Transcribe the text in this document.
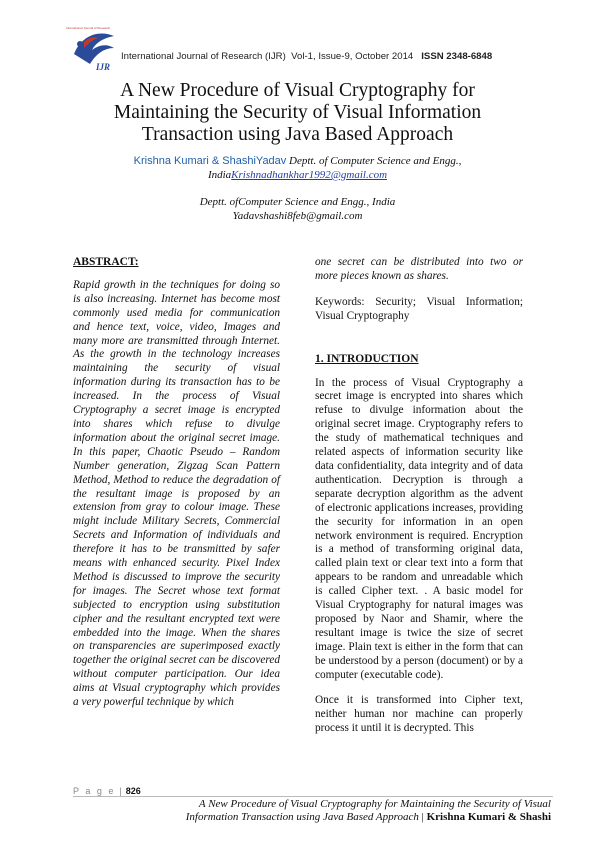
International Journal of Research
IJR
International Journal of Research (IJR) Vol-1, Issue-9, October 2014 ISSN 2348-6848
A New Procedure of Visual Cryptography for
Maintaining the Security of Visual Information
Transaction using Java Based Approach
Krishna Kumari & ShashiYadav Deptt. of Computer Science and Engg.,
IndiaKrishnadhankhar1992@gmail.com
Deptt. ofComputer Science and Engg., India
Yadavshashi8feb@gmail.com
ABSTRACT:
Rapid growth in the techniques for doing so is also increasing. Internet has become most commonly used media for communication and hence text, voice, video, Images and many more are transmitted through Internet. As the growth in the technology increases maintaining the security of visual information during its transaction has to be increased. In the process of Visual Cryptography a secret image is encrypted into shares which refuse to divulge information about the original secret image. In this paper, Chaotic Pseudo – Random Number generation, Zigzag Scan Pattern Method, Method to reduce the degradation of the resultant image is proposed by an extension from gray to colour image. These might include Military Secrets, Commercial Secrets and Information of individuals and therefore it has to be transmitted by safer means with enhanced security. Pixel Index Method is discussed to improve the security for images. The Secret whose text format subjected to encryption using substitution cipher and the resultant encrypted text were embedded into the image. When the shares on transparencies are superimposed exactly together the original secret can be discovered without computer participation. Our idea aims at Visual cryptography which provides a very powerful technique by which
one secret can be distributed into two or more pieces known as shares.
Keywords: Security; Visual Information; Visual Cryptography
1. INTRODUCTION
In the process of Visual Cryptography a secret image is encrypted into shares which refuse to divulge information about the original secret image. Cryptography refers to the study of mathematical techniques and related aspects of information security like data confidentiality, data integrity and of data authentication. Decryption is through a separate decryption algorithm as the advent of electronic applications increases, providing the security for information in an open network environment is required. Encryption is a method of transforming original data, called plain text or clear text into a form that appears to be random and unreadable which is called Cipher text. . A basic model for Visual Cryptography for natural images was proposed by Naor and Shamir, where the resultant image is twice the size of secret image. Plain text is either in the form that can be understood by a person (document) or by a computer (executable code).
Once it is transformed into Cipher text, neither human nor machine can properly process it until it is decrypted. This
P a g e | 826
A New Procedure of Visual Cryptography for Maintaining the Security of Visual
Information Transaction using Java Based Approach | Krishna Kumari & Shashi
